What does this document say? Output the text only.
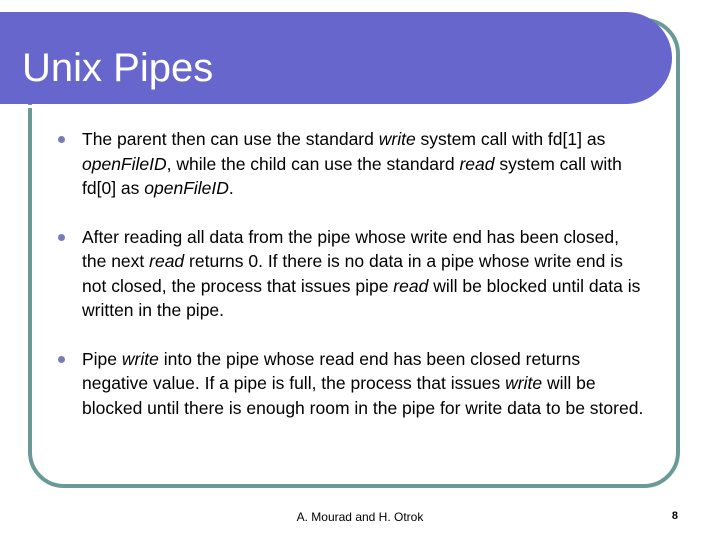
Unix Pipes
The parent then can use the standard write system call with fd[1] as openFileID, while the child can use the standard read system call with fd[0] as openFileID.
After reading all data from the pipe whose write end has been closed, the next read returns 0. If there is no data in a pipe whose write end is not closed, the process that issues pipe read will be blocked until data is written in the pipe.
Pipe write into the pipe whose read end has been closed returns negative value. If a pipe is full, the process that issues write will be blocked until there is enough room in the pipe for write data to be stored.
A. Mourad and H. Otrok	8
